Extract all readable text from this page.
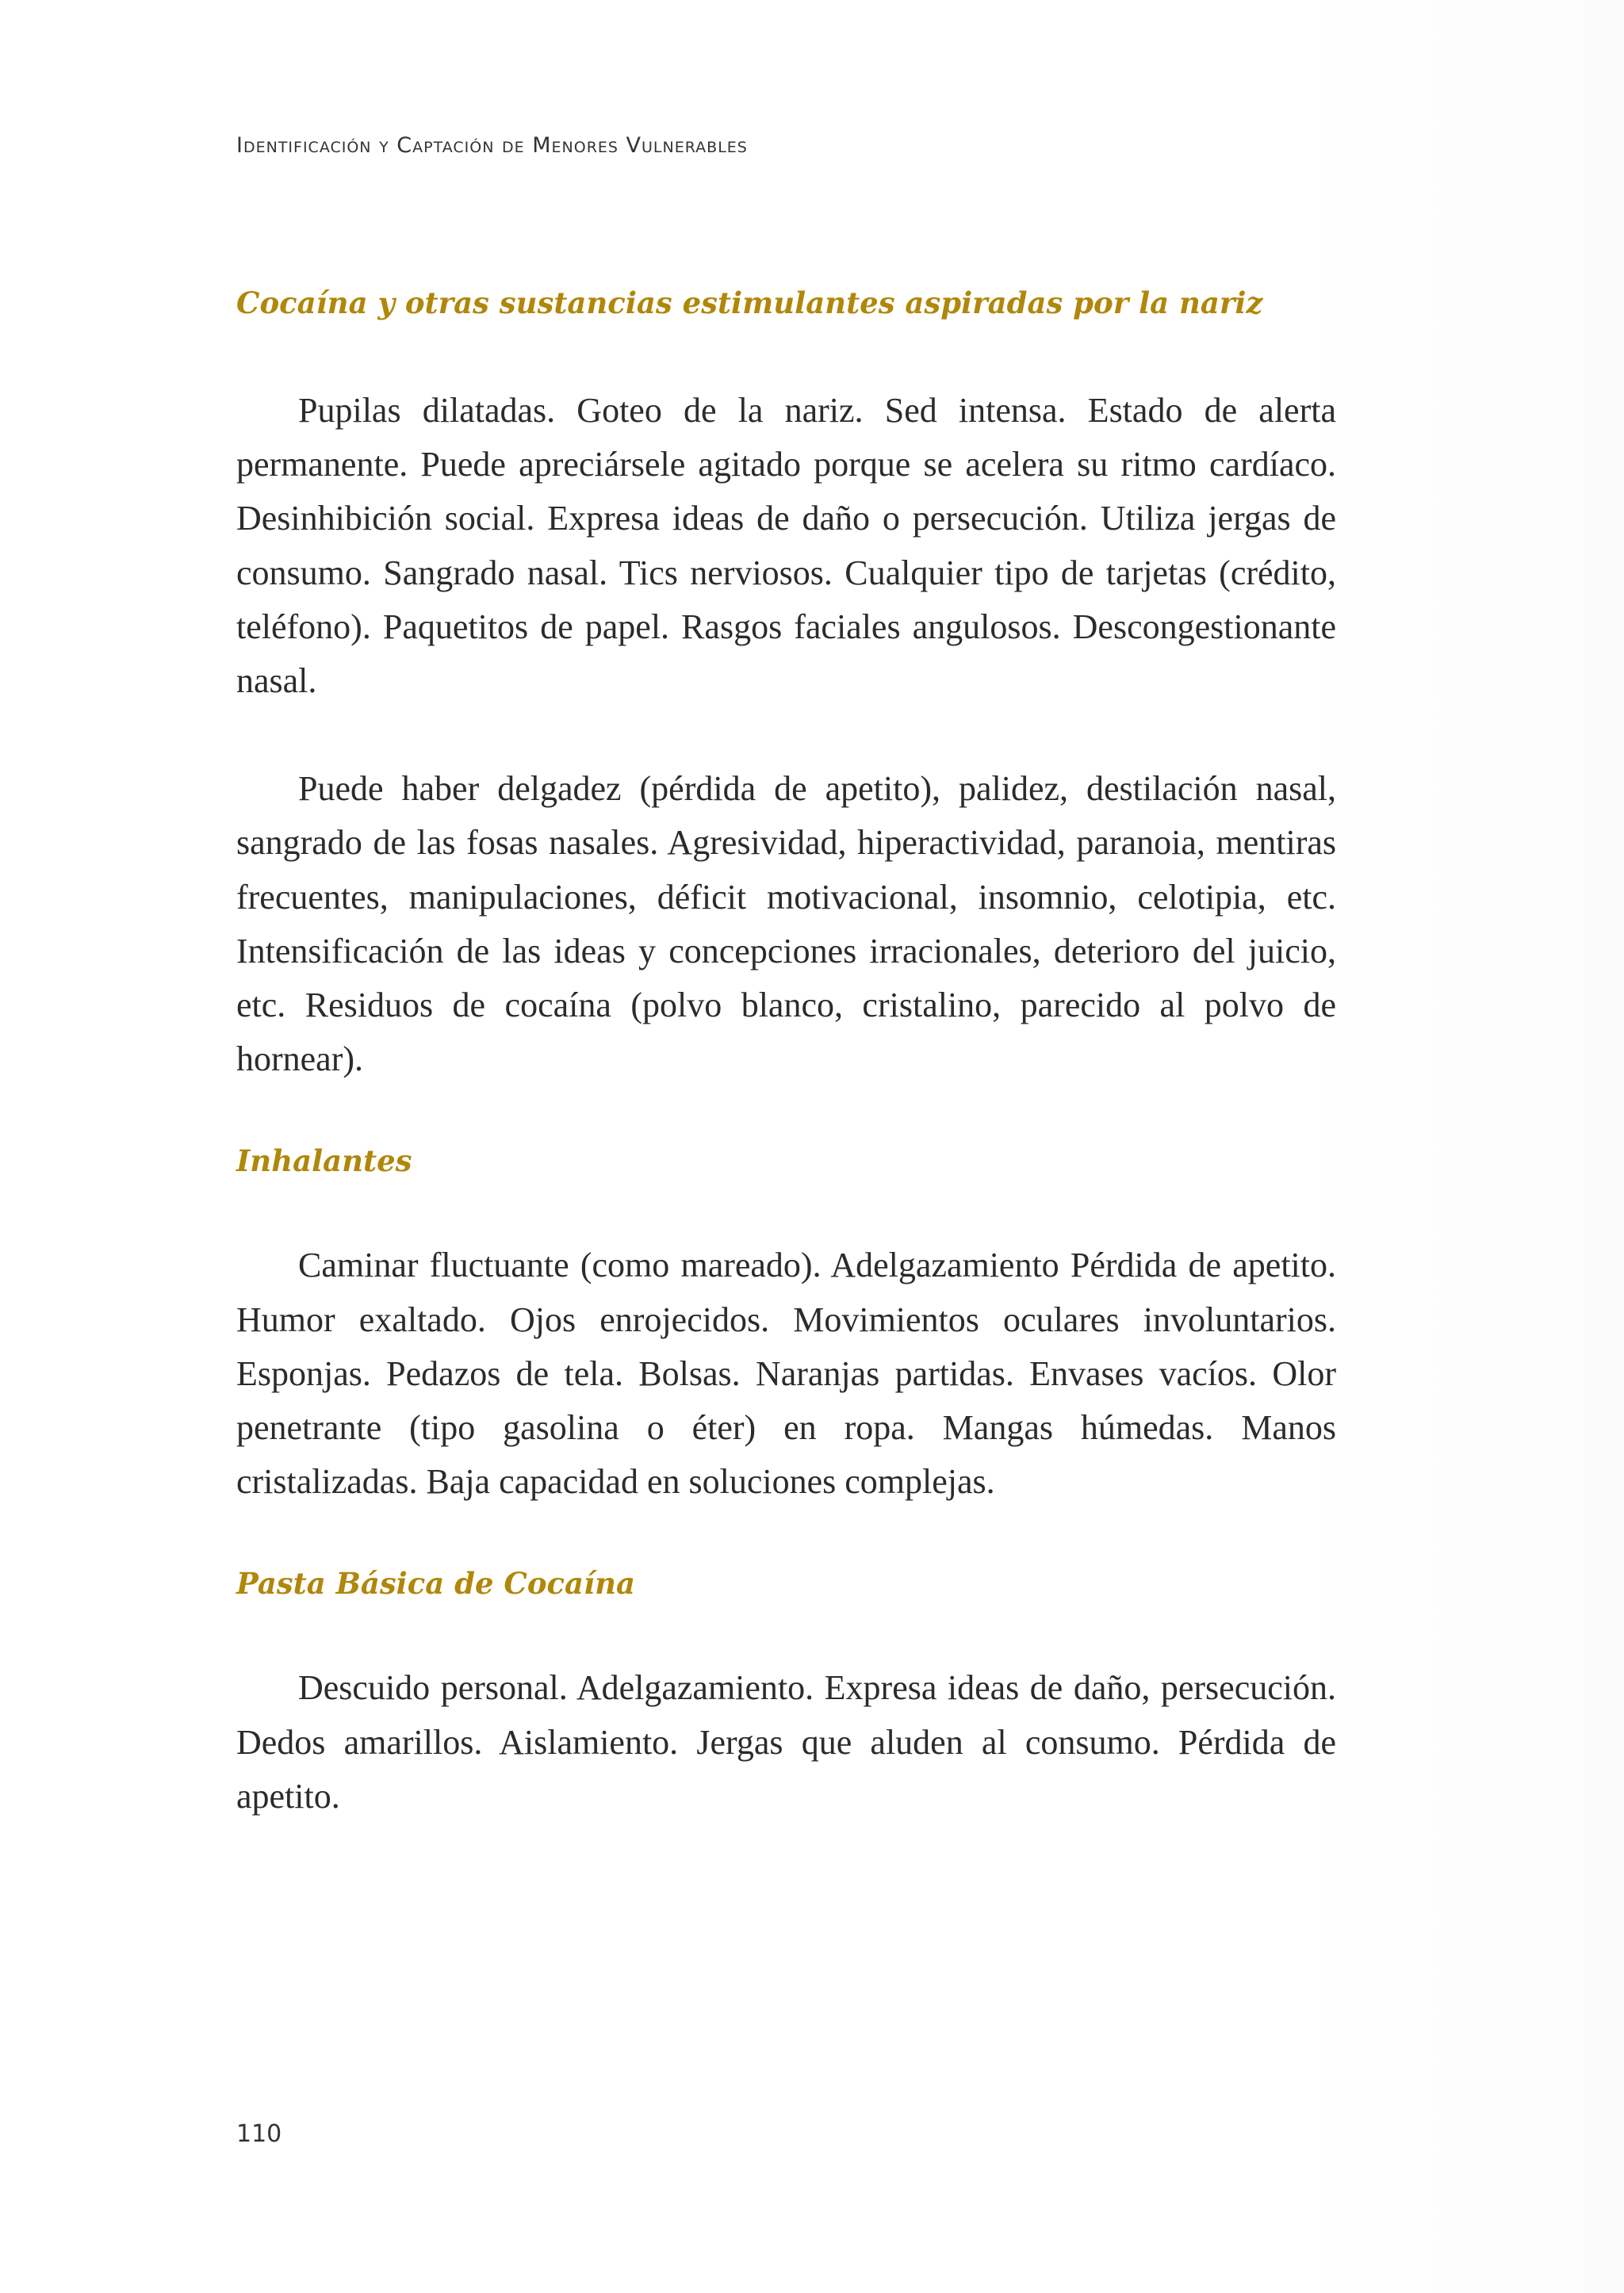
Identificación y Captación de Menores Vulnerables
Cocaína y otras sustancias estimulantes aspiradas por la nariz

Pupilas dilatadas. Goteo de la nariz. Sed intensa. Estado de alerta permanente. Puede apreciársele agitado porque se acelera su ritmo cardíaco. Desinhibición social. Expresa ideas de daño o persecución. Utiliza jergas de consumo. Sangrado nasal. Tics nerviosos. Cualquier tipo de tarjetas (crédito, teléfono). Paquetitos de papel. Rasgos faciales angulosos. Descongestionante nasal.

Puede haber delgadez (pérdida de apetito), palidez, destilación nasal, sangrado de las fosas nasales. Agresividad, hiperactividad, paranoia, mentiras frecuentes, manipulaciones, déficit motivacional, insomnio, celotipia, etc. Intensificación de las ideas y concepciones irracionales, deterioro del juicio, etc. Residuos de cocaína (polvo blanco, cristalino, parecido al polvo de hornear).

Inhalantes

Caminar fluctuante (como mareado). Adelgazamiento Pérdida de apetito. Humor exaltado. Ojos enrojecidos. Movimientos oculares involuntarios. Esponjas. Pedazos de tela. Bolsas. Naranjas partidas. Envases vacíos. Olor penetrante (tipo gasolina o éter) en ropa. Mangas húmedas. Manos cristalizadas. Baja capacidad en soluciones complejas.

Pasta Básica de Cocaína

Descuido personal. Adelgazamiento. Expresa ideas de daño, persecución. Dedos amarillos. Aislamiento. Jergas que aluden al consumo. Pérdida de apetito.

110
